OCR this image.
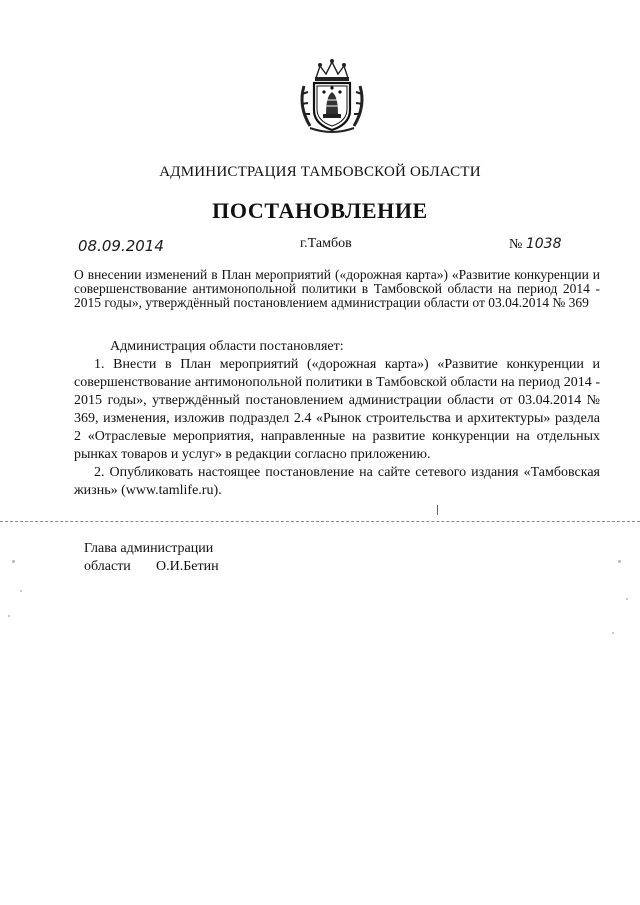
АДМИНИСТРАЦИЯ ТАМБОВСКОЙ ОБЛАСТИ
ПОСТАНОВЛЕНИЕ
08.09.2014	г.Тамбов	№ 1038
О внесении изменений в План мероприятий («дорожная карта») «Развитие конкуренции и совершенствование антимонопольной политики в Тамбовской области на период 2014 - 2015 годы», утверждённый постановлением администрации области от 03.04.2014 № 369

Администрация области постановляет:

1. Внести в План мероприятий («дорожная карта») «Развитие конкуренции и совершенствование антимонопольной политики в Тамбовской области на период 2014 - 2015 годы», утверждённый постановлением администрации области от 03.04.2014 № 369, изменения, изложив подраздел 2.4 «Рынок строительства и архитектуры» раздела 2 «Отраслевые мероприятия, направленные на развитие конкуренции на отдельных рынках товаров и услуг» в редакции согласно приложению.

2. Опубликовать настоящее постановление на сайте сетевого издания «Тамбовская жизнь» (www.tamlife.ru).

Глава администрации
области	О.И.Бетин
